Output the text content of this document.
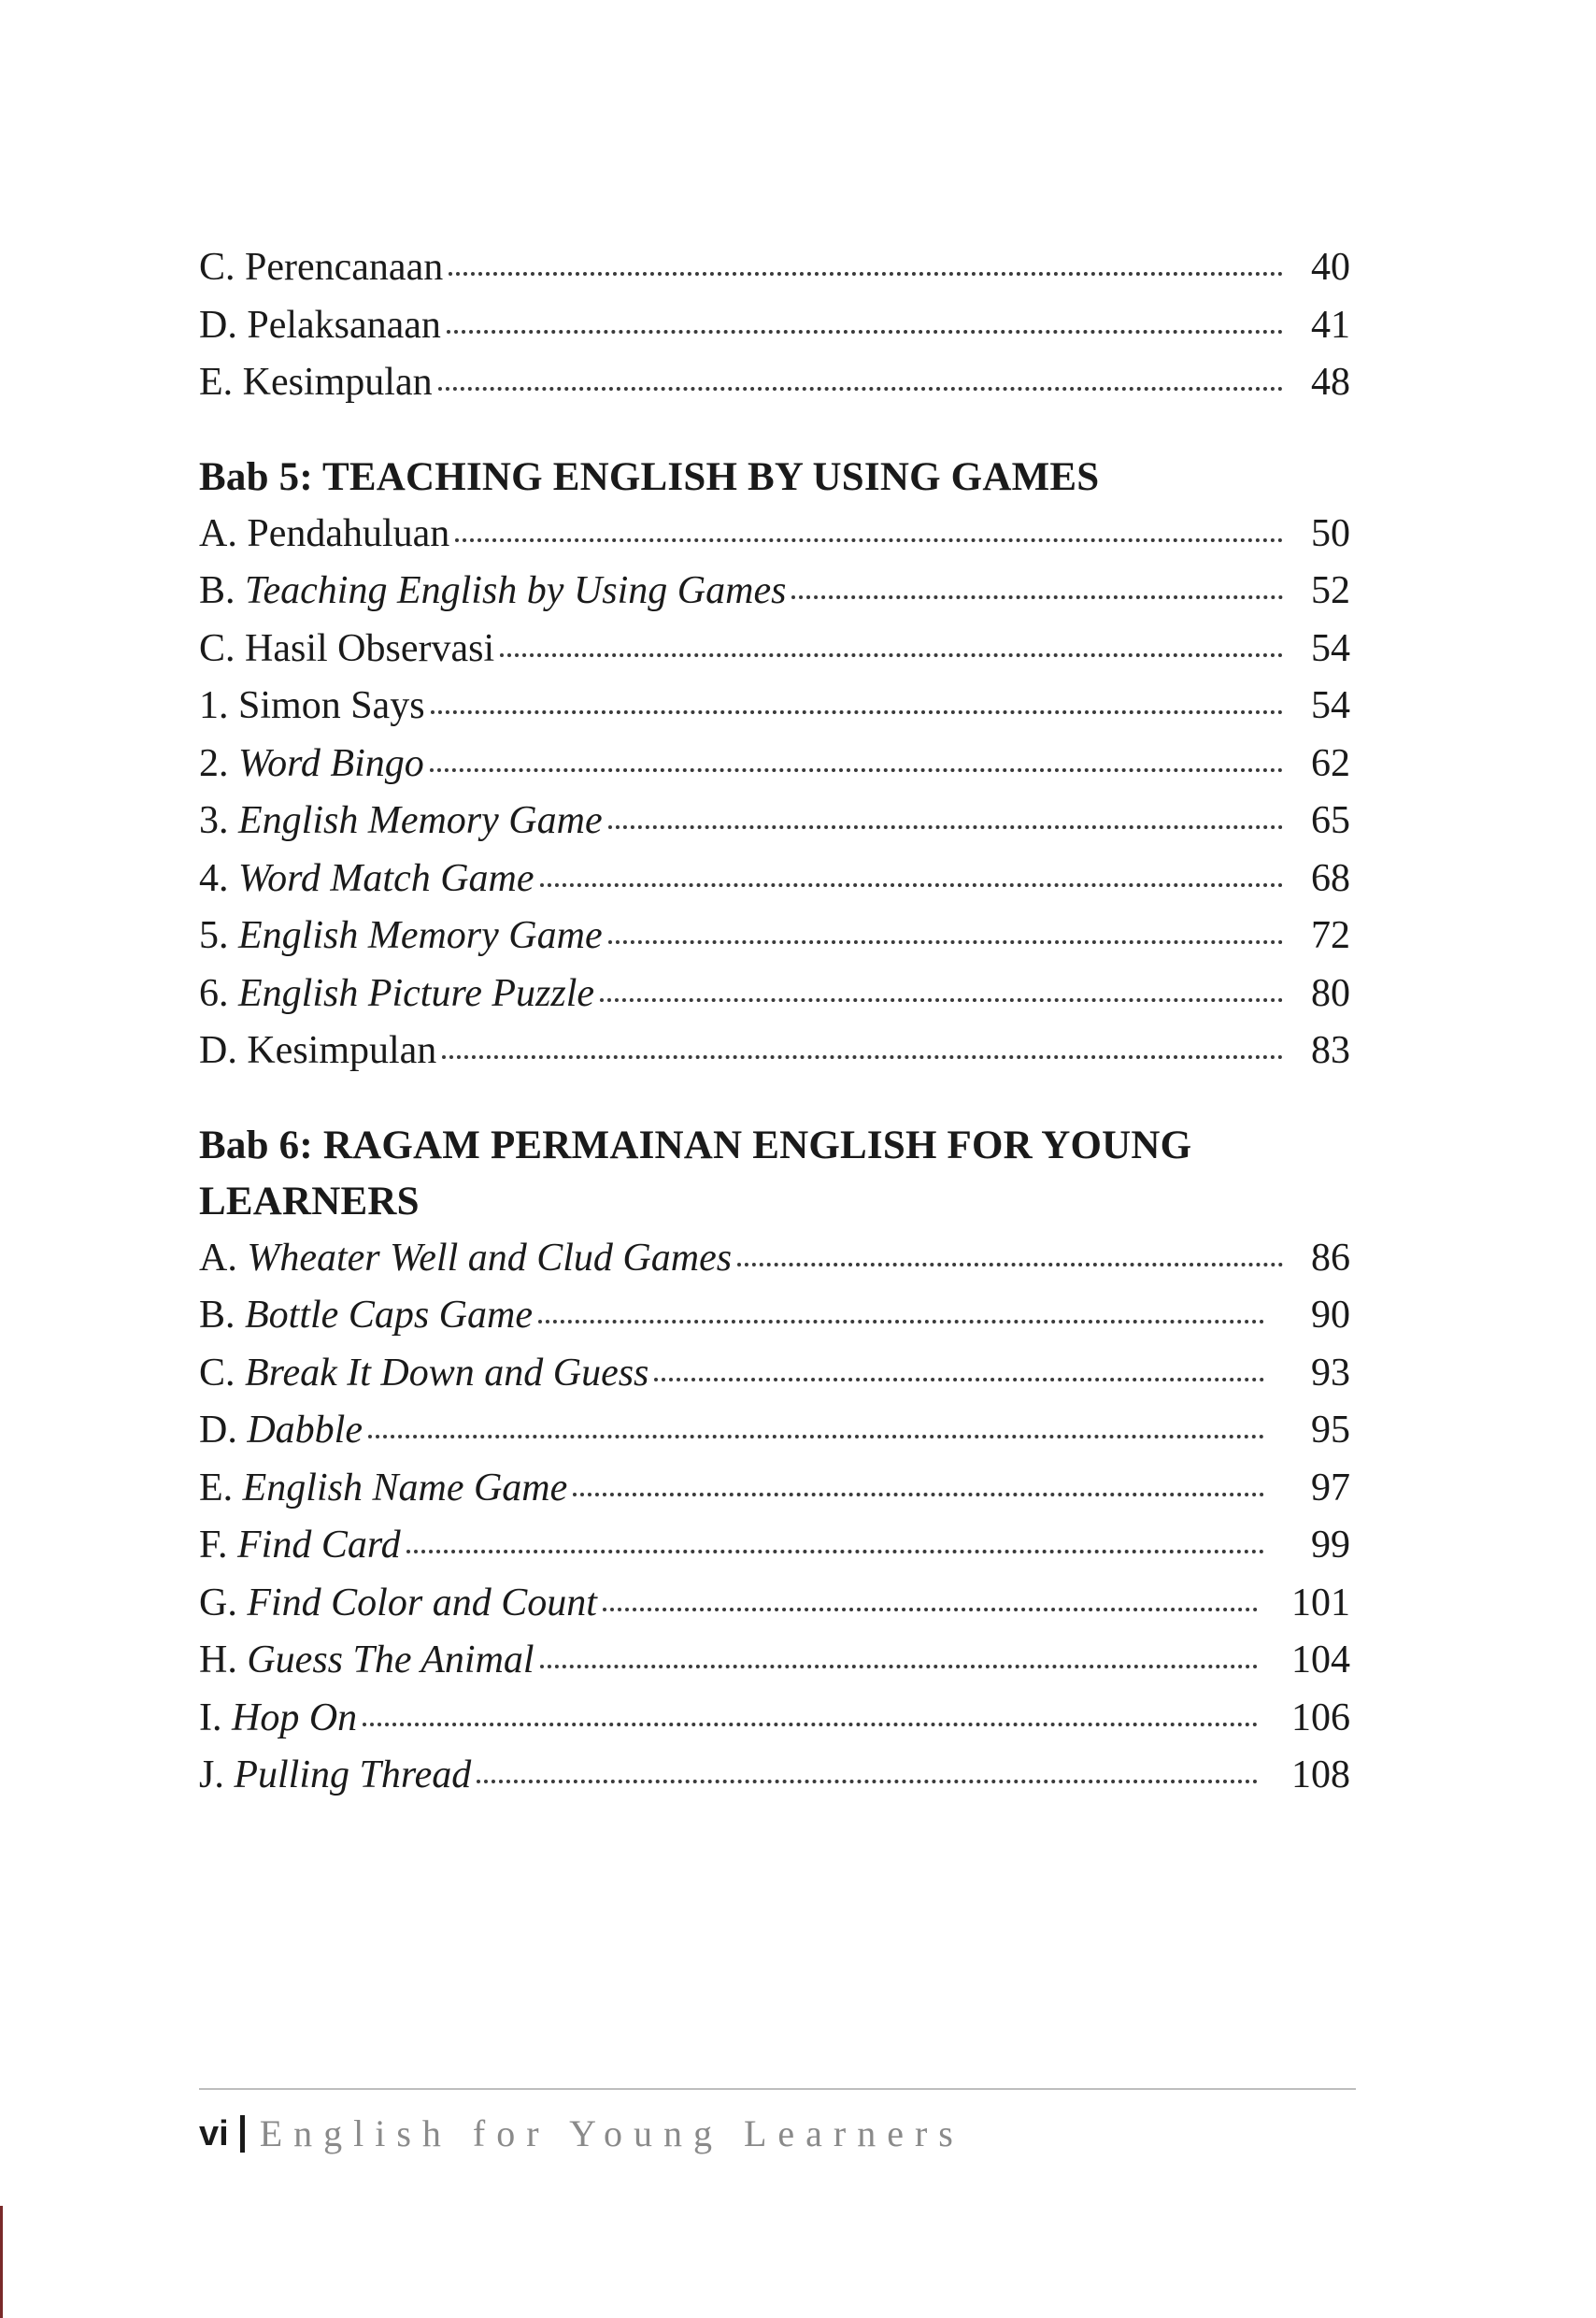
C. Perencanaan	40
D. Pelaksanaan	41
E. Kesimpulan	48
Bab 5: TEACHING ENGLISH BY USING GAMES
A. Pendahuluan	50
B. Teaching English by Using Games	52
C. Hasil Observasi	54
1. Simon Says	54
2. Word Bingo	62
3. English Memory Game	65
4. Word Match Game	68
5. English Memory Game	72
6. English Picture Puzzle	80
D. Kesimpulan	83
Bab 6: RAGAM PERMAINAN ENGLISH FOR YOUNG LEARNERS
A. Wheater Well and Clud Games	86
B. Bottle Caps Game	90
C. Break It Down and Guess	93
D. Dabble	95
E. English Name Game	97
F. Find Card	99
G. Find Color and Count	101
H. Guess The Animal	104
I. Hop On	106
J. Pulling Thread	108
vi English for Young Learners
